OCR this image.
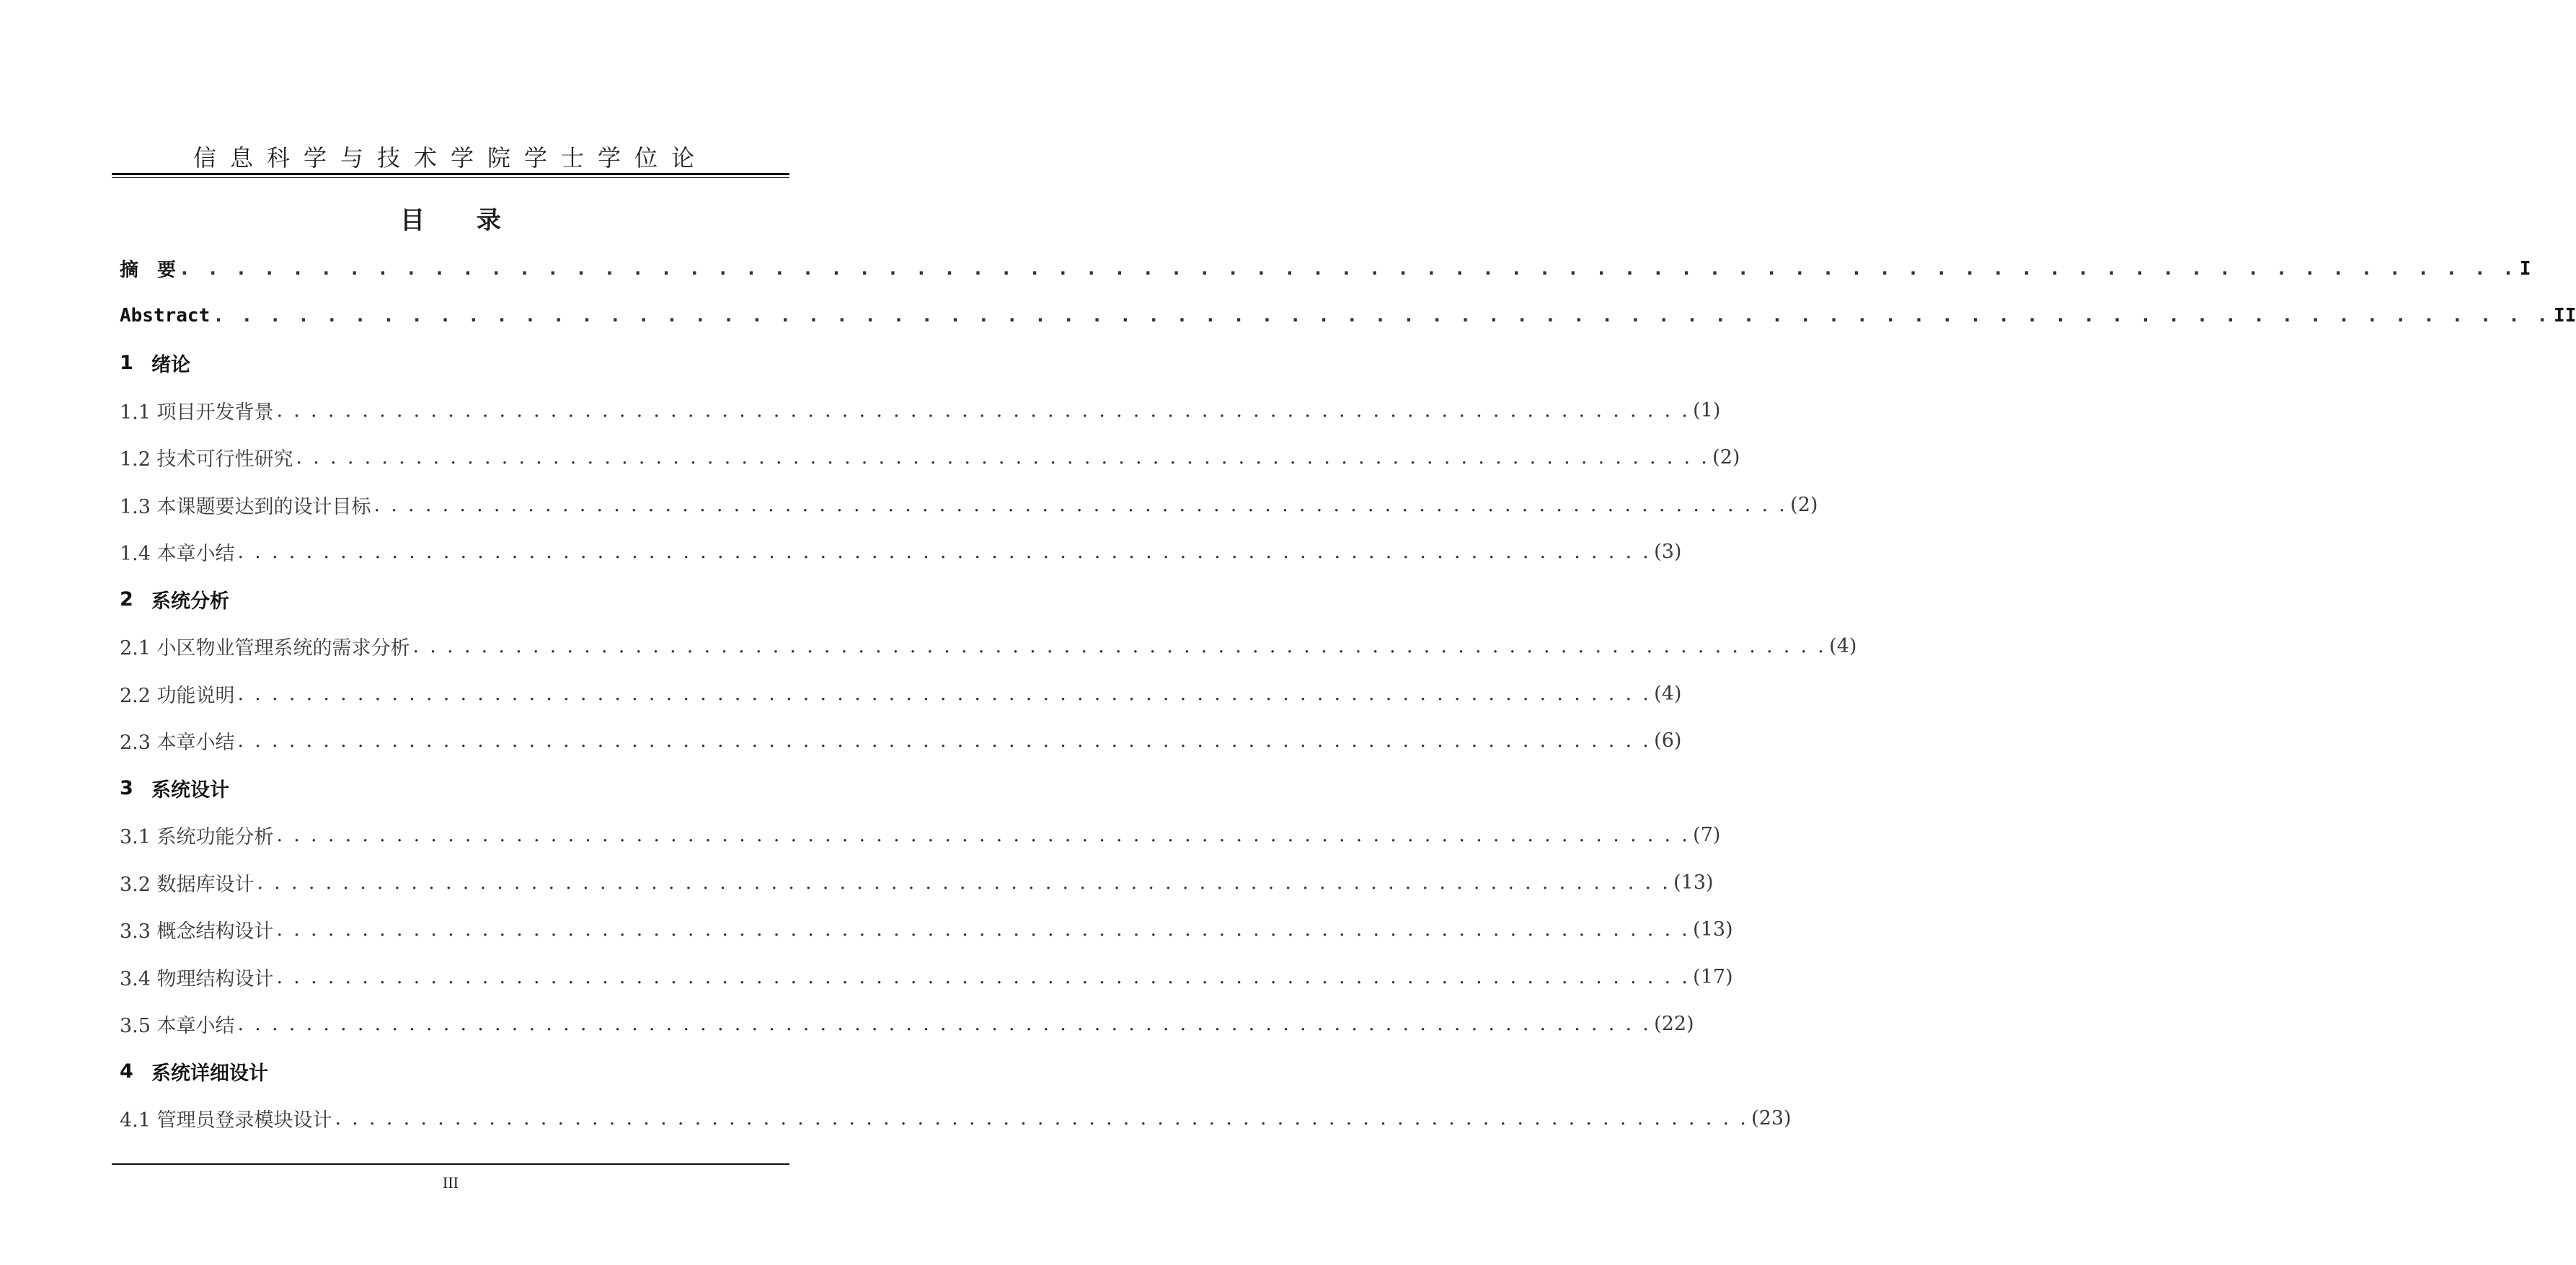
信息科学与技术学院学士学位论
目 录
摘　要 . . . . . . . . . . . . . . . . . . . . . . . . . . . . . . . . . . . . . . . . . . . . . . . . . . . . . . . . . . . . . . . . . . . . . . . . . . . . . . . . . . . I
Abstract . . . . . . . . . . . . . . . . . . . . . . . . . . . . . . . . . . . . . . . . . . . . . . . . . . . . . . . . . . . . . . . . . . . . . . . . . . . . . . . . . . . II
1 绪论
1.1 项目开发背景 . . . . . . . . . . . . . . . . . . . . . . . . . . . . . . . . . . . . . . . . . . . . . . . . . . . . . . . . . . . . . . . . . . . . . . . . . . . . . . . . . . . (1)
1.2 技术可行性研究 . . . . . . . . . . . . . . . . . . . . . . . . . . . . . . . . . . . . . . . . . . . . . . . . . . . . . . . . . . . . . . . . . . . . . . . . . . . . . . . . . . . (2)
1.3 本课题要达到的设计目标 . . . . . . . . . . . . . . . . . . . . . . . . . . . . . . . . . . . . . . . . . . . . . . . . . . . . . . . . . . . . . . . . . . . . . . . . . . . . . . . . . . . (2)
1.4 本章小结 . . . . . . . . . . . . . . . . . . . . . . . . . . . . . . . . . . . . . . . . . . . . . . . . . . . . . . . . . . . . . . . . . . . . . . . . . . . . . . . . . . . (3)
2 系统分析
2.1 小区物业管理系统的需求分析 . . . . . . . . . . . . . . . . . . . . . . . . . . . . . . . . . . . . . . . . . . . . . . . . . . . . . . . . . . . . . . . . . . . . . . . . . . . . . . . . . . . (4)
2.2 功能说明 . . . . . . . . . . . . . . . . . . . . . . . . . . . . . . . . . . . . . . . . . . . . . . . . . . . . . . . . . . . . . . . . . . . . . . . . . . . . . . . . . . . (4)
2.3 本章小结 . . . . . . . . . . . . . . . . . . . . . . . . . . . . . . . . . . . . . . . . . . . . . . . . . . . . . . . . . . . . . . . . . . . . . . . . . . . . . . . . . . . (6)
3 系统设计
3.1 系统功能分析 . . . . . . . . . . . . . . . . . . . . . . . . . . . . . . . . . . . . . . . . . . . . . . . . . . . . . . . . . . . . . . . . . . . . . . . . . . . . . . . . . . . (7)
3.2 数据库设计 . . . . . . . . . . . . . . . . . . . . . . . . . . . . . . . . . . . . . . . . . . . . . . . . . . . . . . . . . . . . . . . . . . . . . . . . . . . . . . . . . . . (13)
3.3 概念结构设计 . . . . . . . . . . . . . . . . . . . . . . . . . . . . . . . . . . . . . . . . . . . . . . . . . . . . . . . . . . . . . . . . . . . . . . . . . . . . . . . . . . . (13)
3.4 物理结构设计 . . . . . . . . . . . . . . . . . . . . . . . . . . . . . . . . . . . . . . . . . . . . . . . . . . . . . . . . . . . . . . . . . . . . . . . . . . . . . . . . . . . (17)
3.5 本章小结 . . . . . . . . . . . . . . . . . . . . . . . . . . . . . . . . . . . . . . . . . . . . . . . . . . . . . . . . . . . . . . . . . . . . . . . . . . . . . . . . . . . (22)
4 系统详细设计
4.1 管理员登录模块设计 . . . . . . . . . . . . . . . . . . . . . . . . . . . . . . . . . . . . . . . . . . . . . . . . . . . . . . . . . . . . . . . . . . . . . . . . . . . . . . . . . . . (23)
III
